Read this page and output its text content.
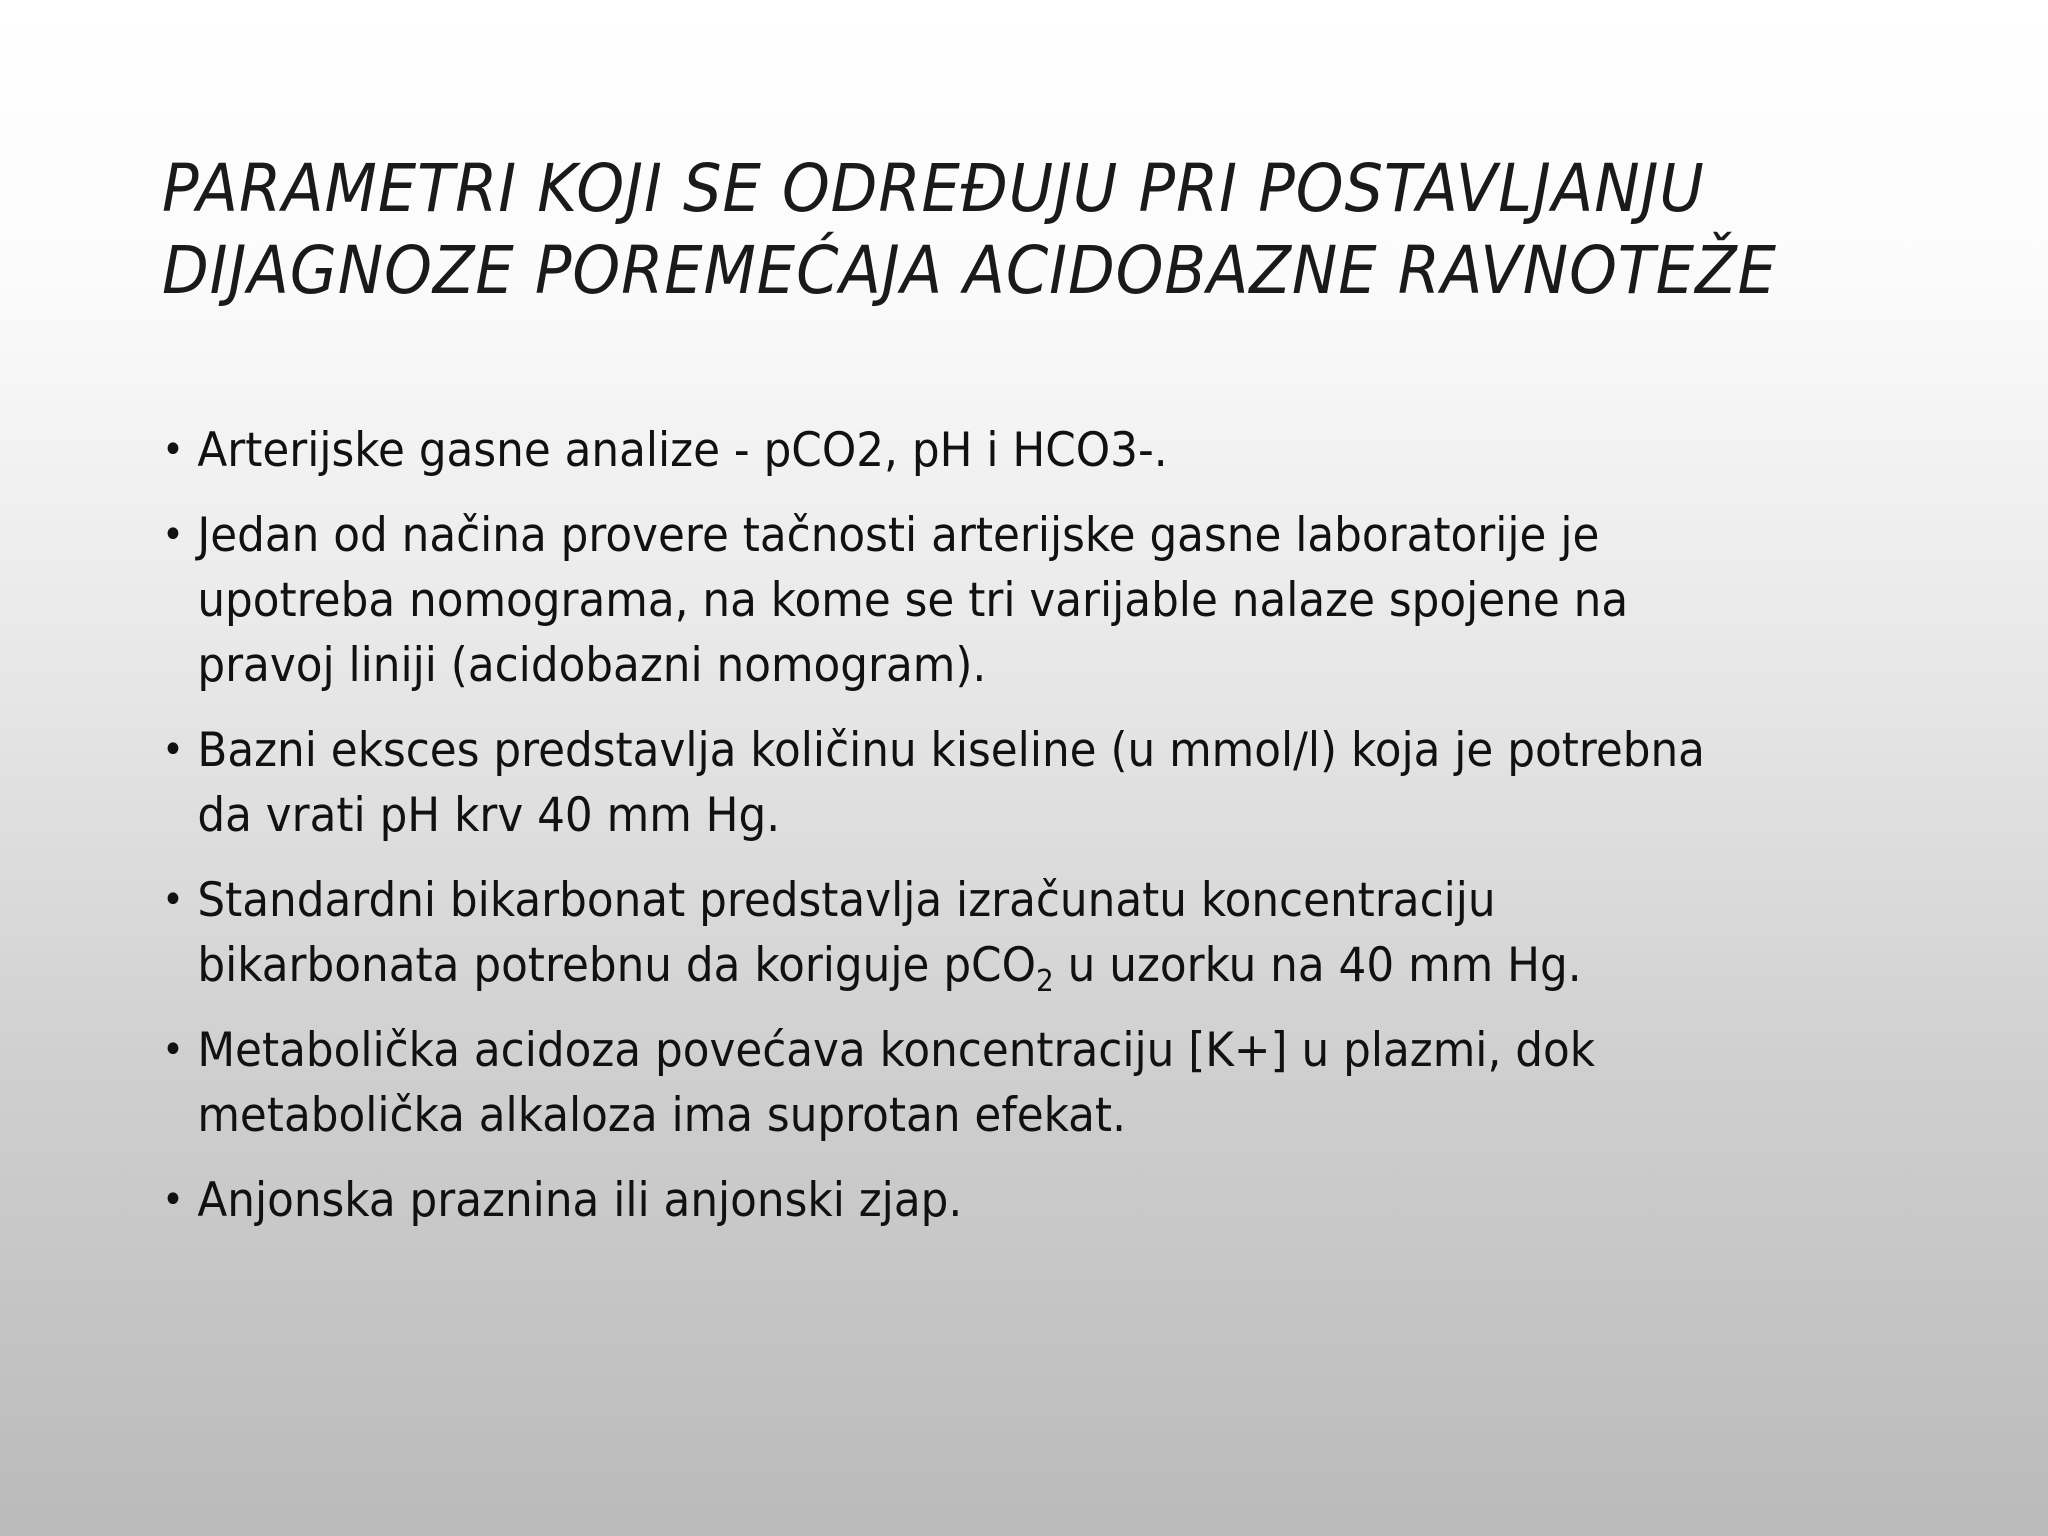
PARAMETRI KOJI SE ODREĐUJU PRI POSTAVLJANJU
DIJAGNOZE POREMEĆAJA ACIDOBAZNE RAVNOTEŽE
• Arterijske gasne analize - pCO2, pH i HCO3-.
• Jedan od načina provere tačnosti arterijske gasne laboratorije je
upotreba nomograma, na kome se tri varijable nalaze spojene na
pravoj liniji (acidobazni nomogram).
• Bazni eksces predstavlja količinu kiseline (u mmol/l) koja je potrebna
da vrati pH krv 40 mm Hg.
• Standardni bikarbonat predstavlja izračunatu koncentraciju
bikarbonata potrebnu da koriguje pCO$_2$ u uzorku na 40 mm Hg.
• Metabolička acidoza povećava koncentraciju [K+] u plazmi, dok
metabolička alkaloza ima suprotan efekat.
• Anjonska praznina ili anjonski zjap.
